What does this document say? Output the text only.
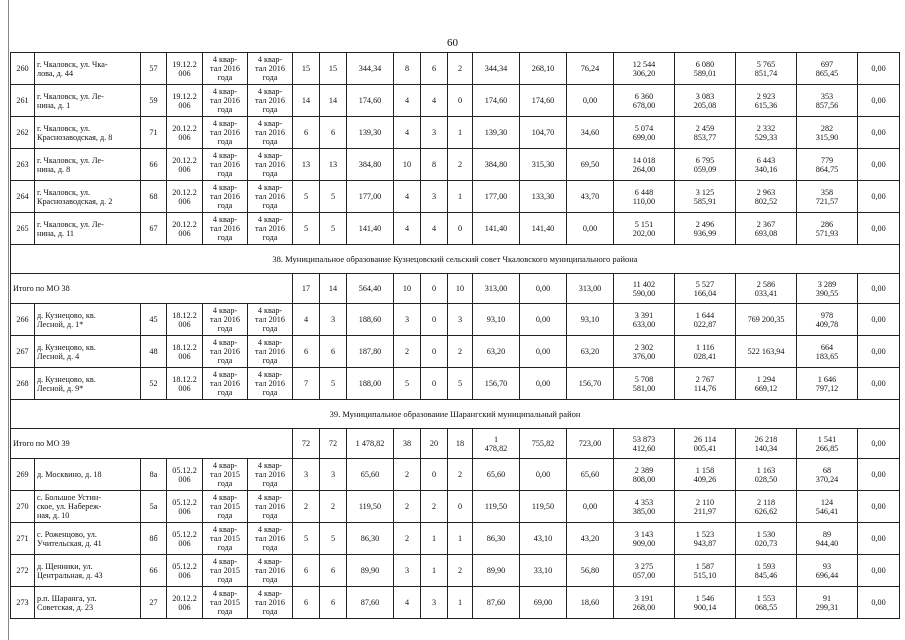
60
260	г. Чкаловск, ул. Чка-
лова, д. 44	57	19.12.2
006	4 квар-
тал 2016
года	4 квар-
тал 2016
года	15	15	344,34	8	6	2	344,34	268,10	76,24	12 544
306,20	6 080
589,01	5 765
851,74	697
865,45	0,00
261	г. Чкаловск, ул. Ле-
нина, д. 1	59	19.12.2
006	4 квар-
тал 2016
года	4 квар-
тал 2016
года	14	14	174,60	4	4	0	174,60	174,60	0,00	6 360
678,00	3 083
205,08	2 923
615,36	353
857,56	0,00
262	г. Чкаловск, ул.
Краснозаводская, д. 8	71	20.12.2
006	4 квар-
тал 2016
года	4 квар-
тал 2016
года	6	6	139,30	4	3	1	139,30	104,70	34,60	5 074
699,00	2 459
853,77	2 332
529,33	282
315,90	0,00
263	г. Чкаловск, ул. Ле-
нина, д. 8	66	20.12.2
006	4 квар-
тал 2016
года	4 квар-
тал 2016
года	13	13	384,80	10	8	2	384,80	315,30	69,50	14 018
264,00	6 795
059,09	6 443
340,16	779
864,75	0,00
264	г. Чкаловск, ул.
Краснозаводская, д. 2	68	20.12.2
006	4 квар-
тал 2016
года	4 квар-
тал 2016
года	5	5	177,00	4	3	1	177,00	133,30	43,70	6 448
110,00	3 125
585,91	2 963
802,52	358
721,57	0,00
265	г. Чкаловск, ул. Ле-
нина, д. 11	67	20.12.2
006	4 квар-
тал 2016
года	4 квар-
тал 2016
года	5	5	141,40	4	4	0	141,40	141,40	0,00	5 151
202,00	2 496
936,99	2 367
693,08	286
571,93	0,00
38. Муниципальное образование Кузнецовский сельский совет Чкаловского муниципального района																			
Итого по МО 38						17	14	564,40	10	0	10	313,00	0,00	313,00	11 402
590,00	5 527
166,04	2 586
033,41	3 289
390,55	0,00
266	д. Кузнецово, кв.
Лесной, д. 1*	45	18.12.2
006	4 квар-
тал 2016
года	4 квар-
тал 2016
года	4	3	188,60	3	0	3	93,10	0,00	93,10	3 391
633,00	1 644
022,87	769 200,35	978
409,78	0,00
267	д. Кузнецово, кв.
Лесной, д. 4	48	18.12.2
006	4 квар-
тал 2016
года	4 квар-
тал 2016
года	6	6	187,80	2	0	2	63,20	0,00	63,20	2 302
376,00	1 116
028,41	522 163,94	664
183,65	0,00
268	д. Кузнецово, кв.
Лесной, д. 9*	52	18.12.2
006	4 квар-
тал 2016
года	4 квар-
тал 2016
года	7	5	188,00	5	0	5	156,70	0,00	156,70	5 708
581,00	2 767
114,76	1 294
669,12	1 646
797,12	0,00
39. Муниципальное образование Шарангский муниципальный район																			
Итого по МО 39						72	72	1 478,82	38	20	18	1
478,82	755,82	723,00	53 873
412,60	26 114
005,41	26 218
140,34	1 541
266,85	0,00
269	д. Москвино, д. 18	8а	05.12.2
006	4 квар-
тал 2015
года	4 квар-
тал 2016
года	3	3	65,60	2	0	2	65,60	0,00	65,60	2 389
808,00	1 158
409,26	1 163
028,50	68
370,24	0,00
270	с. Большое Устин-
ское, ул. Набереж-
ная, д. 10	5а	05.12.2
006	4 квар-
тал 2015
года	4 квар-
тал 2016
года	2	2	119,50	2	2	0	119,50	119,50	0,00	4 353
385,00	2 110
211,97	2 118
626,62	124
546,41	0,00
271	с. Роженцово, ул.
Учительская, д. 41	8б	05.12.2
006	4 квар-
тал 2015
года	4 квар-
тал 2016
года	5	5	86,30	2	1	1	86,30	43,10	43,20	3 143
909,00	1 523
943,87	1 530
020,73	89
944,40	0,00
272	д. Щенники, ул.
Центральная, д. 43	66	05.12.2
006	4 квар-
тал 2015
года	4 квар-
тал 2016
года	6	6	89,90	3	1	2	89,90	33,10	56,80	3 275
057,00	1 587
515,10	1 593
845,46	93
696,44	0,00
273	р.п. Шаранга, ул.
Советская, д. 23	27	20.12.2
006	4 квар-
тал 2015
года	4 квар-
тал 2016
года	6	6	87,60	4	3	1	87,60	69,00	18,60	3 191
268,00	1 546
900,14	1 553
068,55	91
299,31	0,00
